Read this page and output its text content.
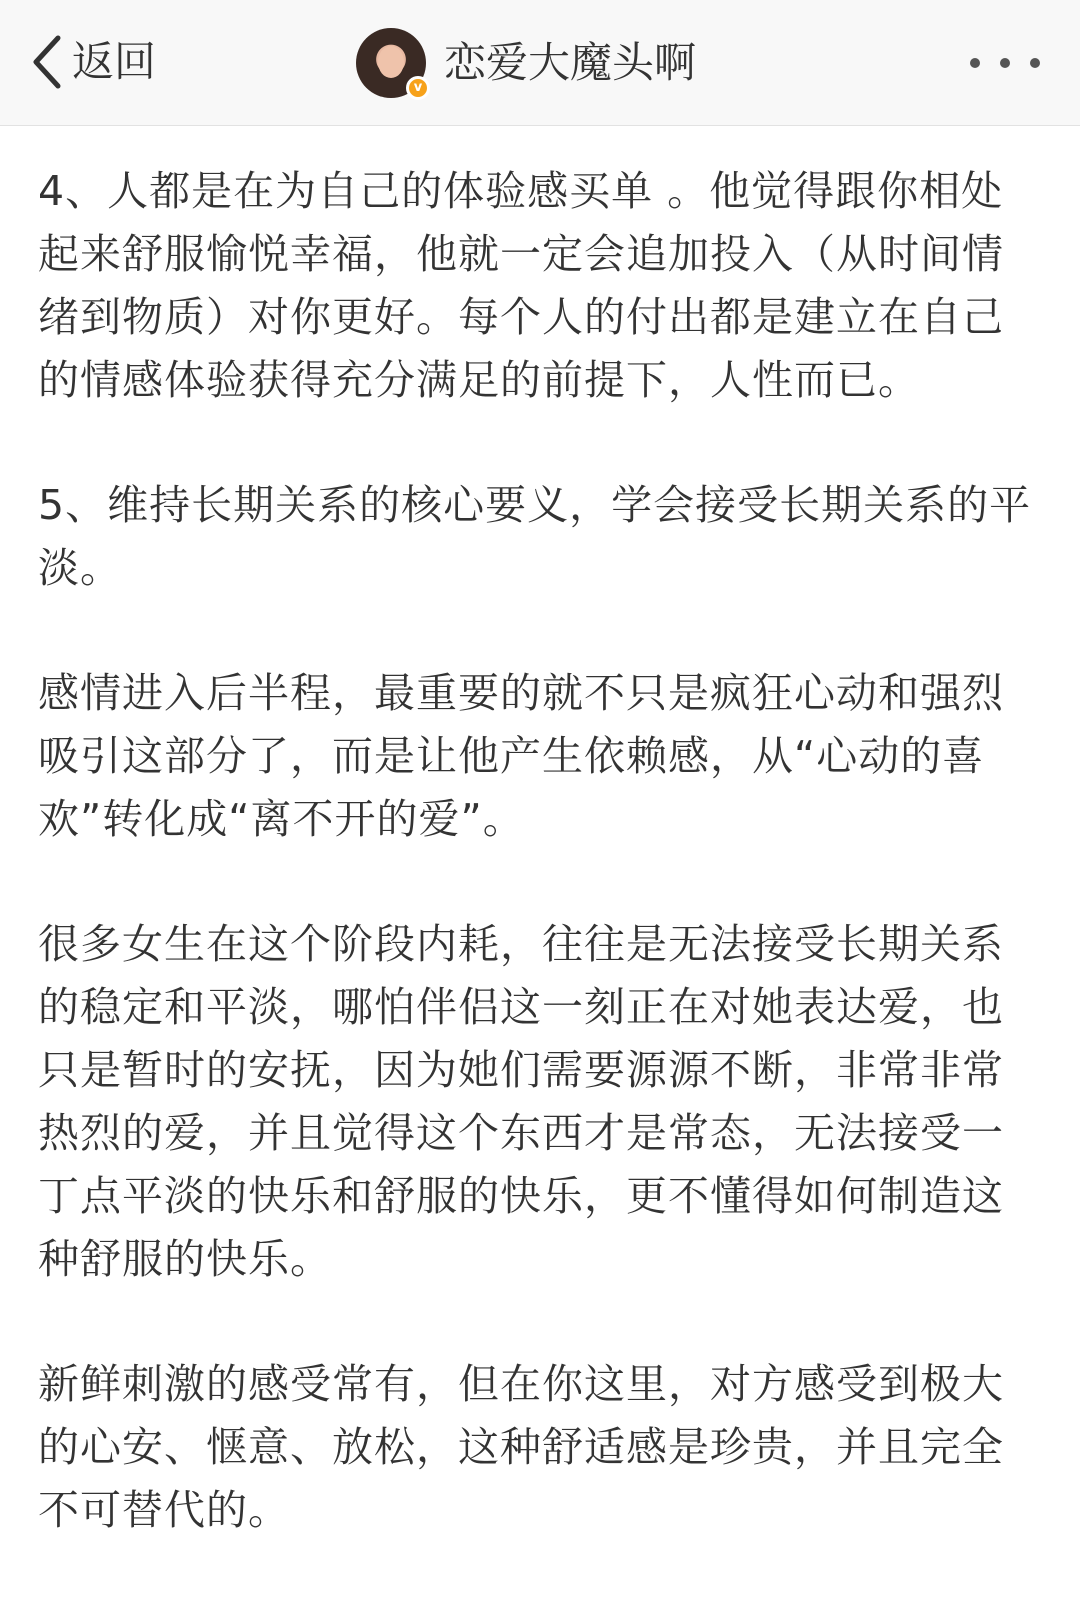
返回
v
恋爱大魔头啊

4、人都是在为自己的体验感买单 。他觉得跟你相处起来舒服愉悦幸福，他就一定会追加投入（从时间情绪到物质）对你更好。每个人的付出都是建立在自己的情感体验获得充分满足的前提下，人性而已。

5、维持长期关系的核心要义，学会接受长期关系的平淡。

感情进入后半程，最重要的就不只是疯狂心动和强烈吸引这部分了，而是让他产生依赖感，从“心动的喜欢”转化成“离不开的爱”。

很多女生在这个阶段内耗，往往是无法接受长期关系的稳定和平淡，哪怕伴侣这一刻正在对她表达爱，也只是暂时的安抚，因为她们需要源源不断，非常非常热烈的爱，并且觉得这个东西才是常态，无法接受一丁点平淡的快乐和舒服的快乐，更不懂得如何制造这种舒服的快乐。

新鲜刺激的感受常有，但在你这里，对方感受到极大的心安、惬意、放松，这种舒适感是珍贵，并且完全不可替代的。
